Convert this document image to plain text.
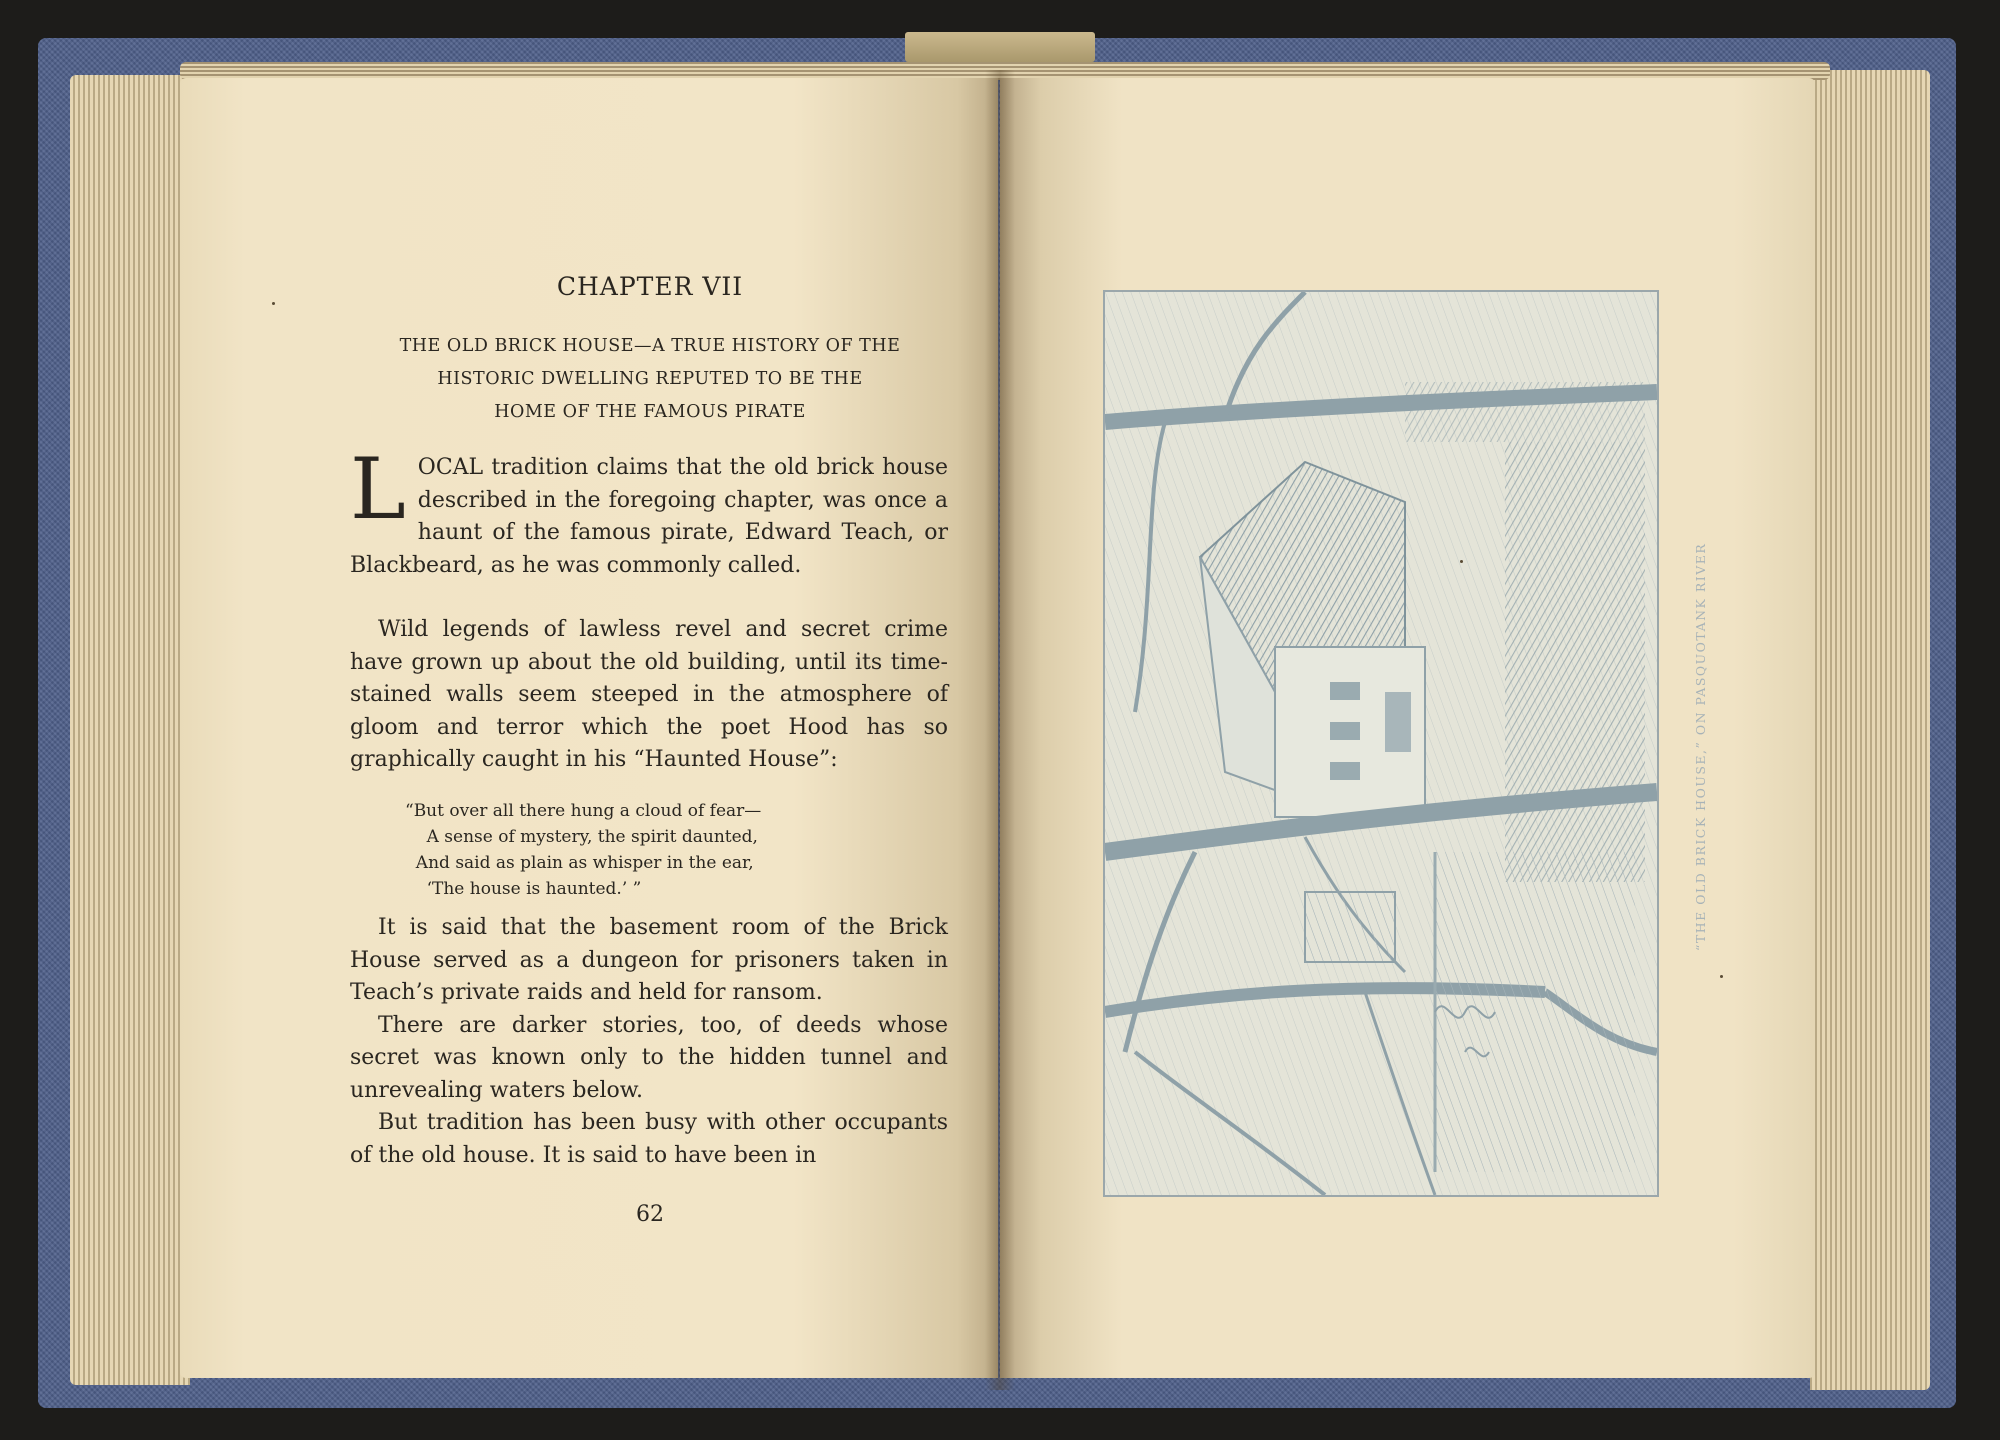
CHAPTER VII
THE OLD BRICK HOUSE—A TRUE HISTORY OF THE
HISTORIC DWELLING REPUTED TO BE THE
HOME OF THE FAMOUS PIRATE
L OCAL tradition claims that the old brick house described in the foregoing chapter, was once a haunt of the famous pirate, Edward Teach, or Blackbeard, as he was commonly called.

Wild legends of lawless revel and secret crime have grown up about the old building, until its time-stained walls seem steeped in the atmosphere of gloom and terror which the poet Hood has so graphically caught in his “Haunted House”:

“But over all there hung a cloud of fear—
A sense of mystery, the spirit daunted,
And said as plain as whisper in the ear,
‘The house is haunted.’ ”

It is said that the basement room of the Brick House served as a dungeon for prisoners taken in Teach’s private raids and held for ransom.

There are darker stories, too, of deeds whose secret was known only to the hidden tunnel and unrevealing waters below.

But tradition has been busy with other occupants of the old house. It is said to have been in

62
“THE OLD BRICK HOUSE,” ON PASQUOTANK RIVER
